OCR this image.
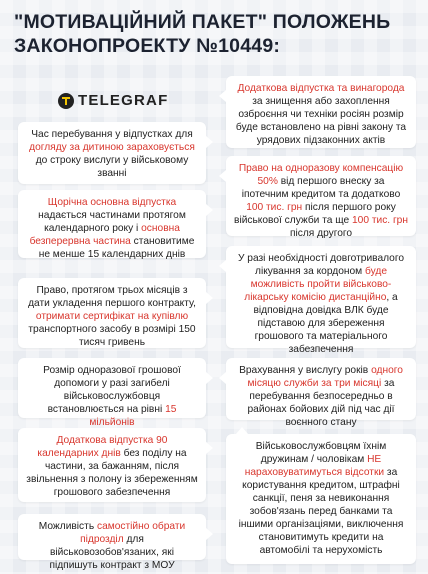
"МОТИВАЦІЙНИЙ ПАКЕТ" ПОЛОЖЕНЬ
ЗАКОНОПРОЕКТУ №10449:
TELEGRAF

Час перебування у відпустках для догляду за дитиною зараховується до строку вислуги у військовому званні

Щорічна основна відпустка надається частинами протягом календарного року і основна безперервна частина становитиме не менше 15 календарних днів

Право, протягом трьох місяців з дати укладення першого контракту, отримати сертифікат на купівлю транспортного засобу в розмірі 150 тисяч гривень

Розмір одноразової грошової допомоги у разі загибелі військовослужбовця встановлюється на рівні 15 мільйонів

Додаткова відпустка 90 календарних днів без поділу на частини, за бажанням, після звільнення з полону із збереженням грошового забезпечення

Можливість самостійно обрати підрозділ для військовозобов'язаних, які підпишуть контракт з МОУ

Додаткова відпустка та винагорода за знищення або захоплення озброєння чи техніки росіян розмір буде встановлено на рівні закону та урядових підзаконних актів

Право на одноразову компенсацію 50% від першого внеску за іпотечним кредитом та додатково 100 тис. грн після першого року військової служби та ще 100 тис. грн після другого

У разі необхідності довготривалого лікування за кордоном буде можливість пройти військово-лікарську комісію дистанційно, а відповідна довідка ВЛК буде підставою для збереження грошового та матеріального забезпечення

Врахування у вислугу років одного місяцю служби за три місяці за перебування безпосередньо в районах бойових дій під час дії воєнного стану

Військовослужбовцям їхнім дружинам / чоловікам НЕ нараховуватимуться відсотки за користування кредитом, штрафні санкції, пеня за невиконання зобов'язань перед банками та іншими організаціями, виключення становитимуть кредити на автомобілі та нерухомість
